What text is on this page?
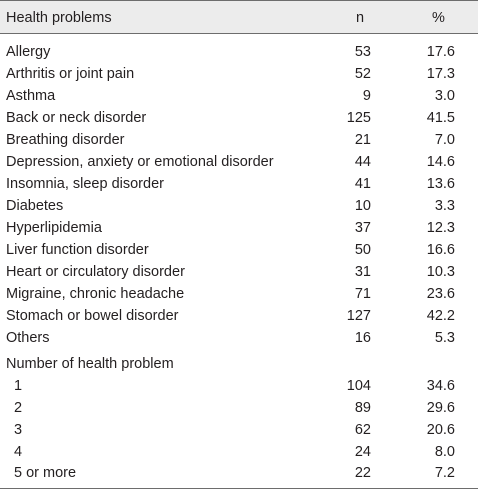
Health problems	n	%
Allergy	53	17.6
Arthritis or joint pain	52	17.3
Asthma	9	3.0
Back or neck disorder	125	41.5
Breathing disorder	21	7.0
Depression, anxiety or emotional disorder	44	14.6
Insomnia, sleep disorder	41	13.6
Diabetes	10	3.3
Hyperlipidemia	37	12.3
Liver function disorder	50	16.6
Heart or circulatory disorder	31	10.3
Migraine, chronic headache	71	23.6
Stomach or bowel disorder	127	42.2
Others	16	5.3
Number of health problem
1	104	34.6
2	89	29.6
3	62	20.6
4	24	8.0
5 or more	22	7.2
